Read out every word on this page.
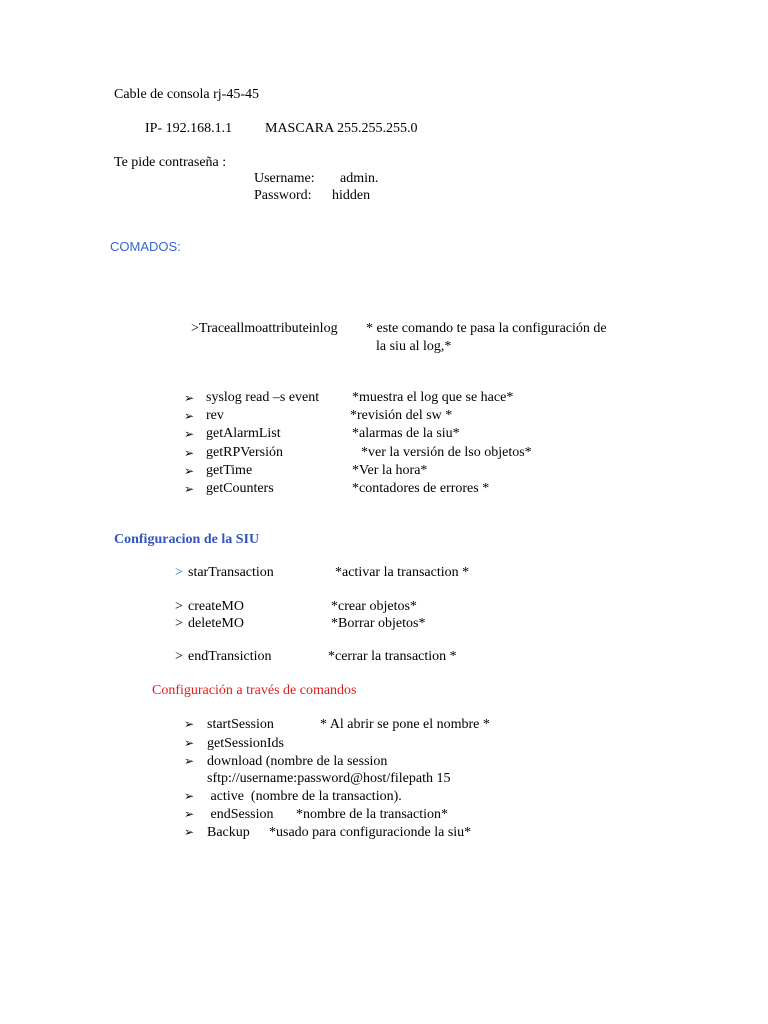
Cable de consola rj-45-45
IP- 192.168.1.1 MASCARA 255.255.255.0
Te pide contraseña :
Username: admin.
Password: hidden
COMADOS:
>Traceallmoattributeinlog * este comando te pasa la configuración de
la siu al log,*
➢ syslog read –s event *muestra el log que se hace*
➢ rev	*revisión del sw *
➢ getAlarmList	*alarmas de la siu*
➢ getRPVersión	*ver la versión de lso objetos*
➢ getTime	*Ver la hora*
➢ getCounters	*contadores de errores *
Configuracion de la SIU
> starTransaction	*activar la transaction *
> createMO	*crear objetos*
> deleteMO	*Borrar objetos*
> endTransiction	*cerrar la transaction *
Configuración a través de comandos
➢ startSession	* Al abrir se pone el nombre *
➢ getSessionIds
➢ download (nombre de la session
sftp://username:password@host/filepath 15
➢ active  (nombre de la transaction).
➢ endSession *nombre de la transaction*
➢ Backup *usado para configuracionde la siu*
